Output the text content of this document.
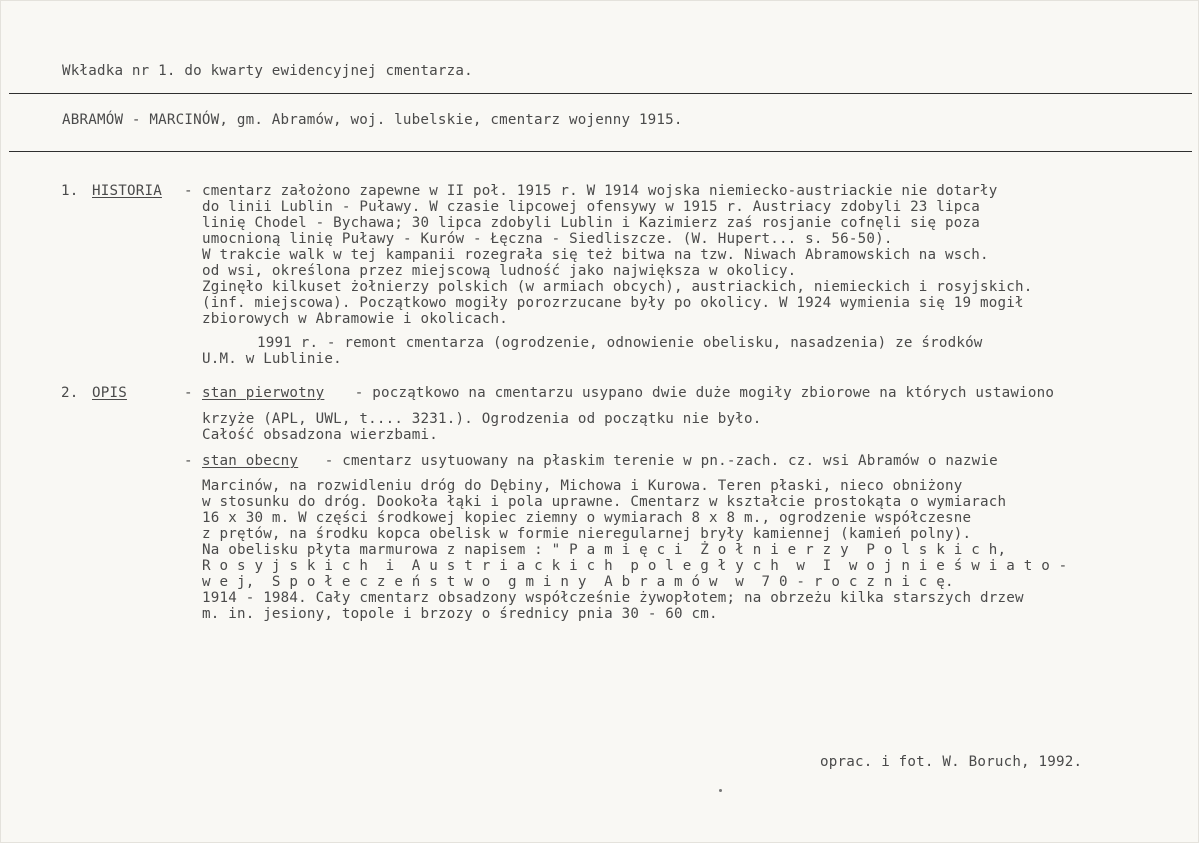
Wkładka nr 1. do kwarty ewidencyjnej cmentarza.
ABRAMÓW - MARCINÓW, gm. Abramów, woj. lubelskie, cmentarz wojenny 1915.
1. HISTORIA - cmentarz założono zapewne w II poł. 1915 r. W 1914 wojska niemiecko-austriackie nie dotarły
do linii Lublin - Puławy. W czasie lipcowej ofensywy w 1915 r. Austriacy zdobyli 23 lipca
linię Chodel - Bychawa; 30 lipca zdobyli Lublin i Kazimierz zaś rosjanie cofnęli się poza
umocnioną linię Puławy - Kurów - Łęczna - Siedliszcze. (W. Hupert... s. 56-50).
W trakcie walk w tej kampanii rozegrała się też bitwa na tzw. Niwach Abramowskich na wsch.
od wsi, określona przez miejscową ludność jako największa w okolicy.
Zginęło kilkuset żołnierzy polskich (w armiach obcych), austriackich, niemieckich i rosyjskich.
(inf. miejscowa). Początkowo mogiły porozrzucane były po okolicy. W 1924 wymienia się 19 mogił
zbiorowych w Abramowie i okolicach.
1991 r. - remont cmentarza (ogrodzenie, odnowienie obelisku, nasadzenia) ze środków
U.M. w Lublinie.
2. OPIS	- stan pierwotny - początkowo na cmentarzu usypano dwie duże mogiły zbiorowe na których ustawiono
krzyże (APL, UWL, t.... 3231.). Ogrodzenia od początku nie było.
Całość obsadzona wierzbami.
- stan obecny - cmentarz usytuowany na płaskim terenie w pn.-zach. cz. wsi Abramów o nazwie
Marcinów, na rozwidleniu dróg do Dębiny, Michowa i Kurowa. Teren płaski, nieco obniżony
w stosunku do dróg. Dookoła łąki i pola uprawne. Cmentarz w kształcie prostokąta o wymiarach
16 x 30 m. W części środkowej kopiec ziemny o wymiarach 8 x 8 m., ogrodzenie współczesne
z prętów, na środku kopca obelisk w formie nieregularnej bryły kamiennej (kamień polny).
Na obelisku płyta marmurowa z napisem : " P a m i ę c i  Ż o ł n i e r z y  P o l s k i c h,
R o s y j s k i c h  i  A u s t r i a c k i c h  p o l e g ł y c h  w  I  w o j n i e ś w i a t o -
w e j,  S p o ł e c z e ń s t w o  g m i n y  A b r a m ó w  w  7 0 - r o c z n i c ę.
1914 - 1984. Cały cmentarz obsadzony współcześnie żywopłotem; na obrzeżu kilka starszych drzew
m. in. jesiony, topole i brzozy o średnicy pnia 30 - 60 cm.
oprac. i fot. W. Boruch, 1992.
